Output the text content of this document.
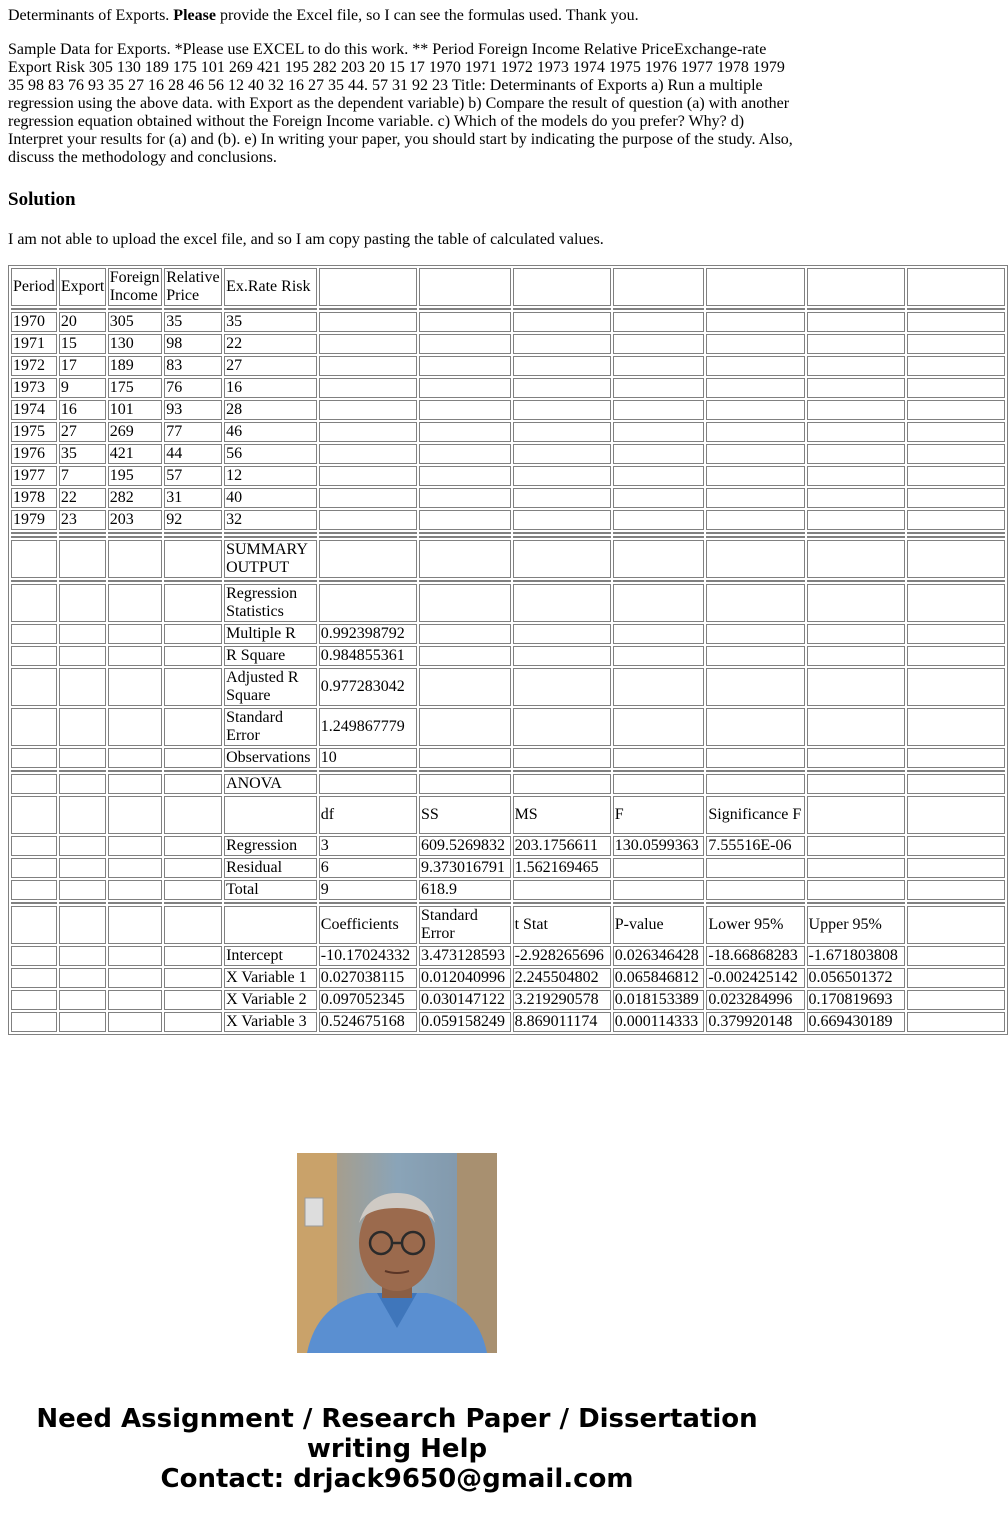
Determinants of Exports. Please provide the Excel file, so I can see the formulas used. Thank you.

Sample Data for Exports. *Please use EXCEL to do this work. ** Period Foreign Income Relative PriceExchange-rate Export Risk 305 130 189 175 101 269 421 195 282 203 20 15 17 1970 1971 1972 1973 1974 1975 1976 1977 1978 1979 35 98 83 76 93 35 27 16 28 46 56 12 40 32 16 27 35 44. 57 31 92 23 Title: Determinants of Exports a) Run a multiple regression using the above data. with Export as the dependent variable) b) Compare the result of question (a) with another regression equation obtained without the Foreign Income variable. c) Which of the models do you prefer? Why? d) Interpret your results for (a) and (b). e) In writing your paper, you should start by indicating the purpose of the study. Also, discuss the methodology and conclusions.

Solution

I am not able to upload the excel file, and so I am copy pasting the table of calculated values.

Period	Export	Foreign Income	Relative Price	Ex.Rate Risk							

1970	20	305	35	35							
1971	15	130	98	22							
1972	17	189	83	27							
1973	9	175	76	16							
1974	16	101	93	28							
1975	27	269	77	46							
1976	35	421	44	56							
1977	7	195	57	12							
1978	22	282	31	40							
1979	23	203	92	32							

				SUMMARY OUTPUT							

				Regression Statistics							
				Multiple R	0.992398792						
				R Square	0.984855361						
				Adjusted R Square	0.977283042						
				Standard Error	1.249867779						
				Observations	10						

				ANOVA							
					df	SS	MS	F	Significance F		
				Regression	3	609.5269832	203.1756611	130.0599363	7.55516E-06		
				Residual	6	9.373016791	1.562169465				
				Total	9	618.9					

					Coefficients	Standard Error	t Stat	P-value	Lower 95%	Upper 95%	
				Intercept	-10.17024332	3.473128593	-2.928265696	0.026346428	-18.66868283	-1.671803808	
				X Variable 1	0.027038115	0.012040996	2.245504802	0.065846812	-0.002425142	0.056501372	
				X Variable 2	0.097052345	0.030147122	3.219290578	0.018153389	0.023284996	0.170819693	
				X Variable 3	0.524675168	0.059158249	8.869011174	0.000114333	0.379920148	0.669430189	
Need Assignment / Research Paper / Dissertation
writing Help
Contact: drjack9650@gmail.com
